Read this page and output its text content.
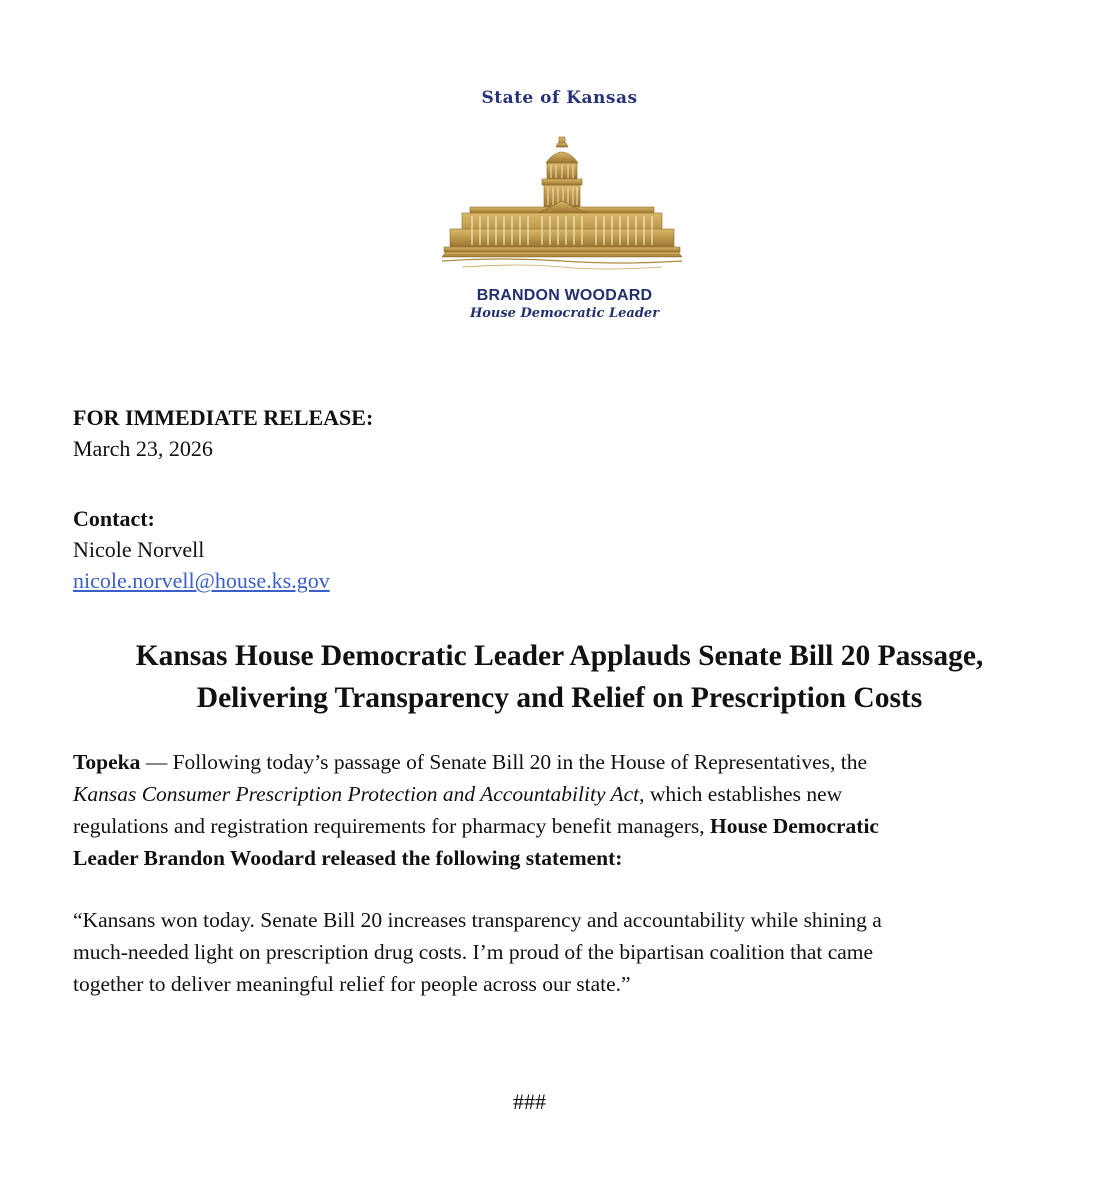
State of Kansas
BRANDON WOODARD
House Democratic Leader
FOR IMMEDIATE RELEASE:
March 23, 2026
Contact:
Nicole Norvell
nicole.norvell@house.ks.gov
Kansas House Democratic Leader Applauds Senate Bill 20 Passage,
Delivering Transparency and Relief on Prescription Costs
Topeka — Following today’s passage of Senate Bill 20 in the House of Representatives, the
Kansas Consumer Prescription Protection and Accountability Act, which establishes new
regulations and registration requirements for pharmacy benefit managers, House Democratic
Leader Brandon Woodard released the following statement:
“Kansans won today. Senate Bill 20 increases transparency and accountability while shining a
much-needed light on prescription drug costs. I’m proud of the bipartisan coalition that came
together to deliver meaningful relief for people across our state.”
###
